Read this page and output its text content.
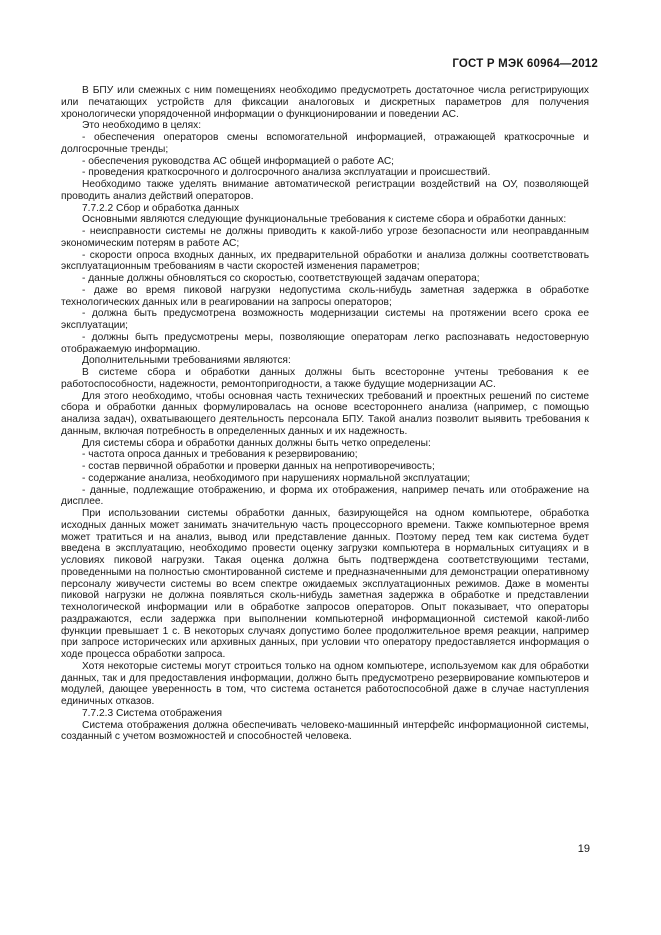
ГОСТ Р МЭК 60964—2012

В БПУ или смежных с ним помещениях необходимо предусмотреть достаточное числа регистрирующих или печатающих устройств для фиксации аналоговых и дискретных параметров для получения хронологически упорядоченной информации о функционировании и поведении АС.

Это необходимо в целях:

- обеспечения операторов смены вспомогательной информацией, отражающей краткосрочные и долгосрочные тренды;

- обеспечения руководства АС общей информацией о работе АС;

- проведения краткосрочного и долгосрочного анализа эксплуатации и происшествий.

Необходимо также уделять внимание автоматической регистрации воздействий на ОУ, позволяющей проводить анализ действий операторов.

7.7.2.2 Сбор и обработка данных

Основными являются следующие функциональные требования к системе сбора и обработки данных:

- неисправности системы не должны приводить к какой-либо угрозе безопасности или неоправданным экономическим потерям в работе АС;

- скорости опроса входных данных, их предварительной обработки и анализа должны соответствовать эксплуатационным требованиям в части скоростей изменения параметров;

- данные должны обновляться со скоростью, соответствующей задачам оператора;

- даже во время пиковой нагрузки недопустима сколь-нибудь заметная задержка в обработке технологических данных или в реагировании на запросы операторов;

- должна быть предусмотрена возможность модернизации системы на протяжении всего срока ее эксплуатации;

- должны быть предусмотрены меры, позволяющие операторам легко распознавать недостоверную отображаемую информацию.

Дополнительными требованиями являются:

В системе сбора и обработки данных должны быть всесторонне учтены требования к ее работоспособности, надежности, ремонтопригодности, а также будущие модернизации АС.

Для этого необходимо, чтобы основная часть технических требований и проектных решений по системе сбора и обработки данных формулировалась на основе всестороннего анализа (например, с помощью анализа задач), охватывающего деятельность персонала БПУ. Такой анализ позволит выявить требования к данным, включая потребность в определенных данных и их надежность.

Для системы сбора и обработки данных должны быть четко определены:

- частота опроса данных и требования к резервированию;

- состав первичной обработки и проверки данных на непротиворечивость;

- содержание анализа, необходимого при нарушениях нормальной эксплуатации;

- данные, подлежащие отображению, и форма их отображения, например печать или отображение на дисплее.

При использовании системы обработки данных, базирующейся на одном компьютере, обработка исходных данных может занимать значительную часть процессорного времени. Также компьютерное время может тратиться и на анализ, вывод или представление данных. Поэтому перед тем как система будет введена в эксплуатацию, необходимо провести оценку загрузки компьютера в нормальных ситуациях и в условиях пиковой нагрузки. Такая оценка должна быть подтверждена соответствующими тестами, проведенными на полностью смонтированной системе и предназначенными для демонстрации оперативному персоналу живучести системы во всем спектре ожидаемых эксплуатационных режимов. Даже в моменты пиковой нагрузки не должна появляться сколь-нибудь заметная задержка в обработке и представлении технологической информации или в обработке запросов операторов. Опыт показывает, что операторы раздражаются, если задержка при выполнении компьютерной информационной системой какой-либо функции превышает 1 с. В некоторых случаях допустимо более продолжительное время реакции, например при запросе исторических или архивных данных, при условии что оператору предоставляется информация о ходе процесса обработки запроса.

Хотя некоторые системы могут строиться только на одном компьютере, используемом как для обработки данных, так и для предоставления информации, должно быть предусмотрено резервирование компьютеров и модулей, дающее уверенность в том, что система останется работоспособной даже в случае наступления единичных отказов.

7.7.2.3 Система отображения

Система отображения должна обеспечивать человеко-машинный интерфейс информационной системы, созданный с учетом возможностей и способностей человека.

19
